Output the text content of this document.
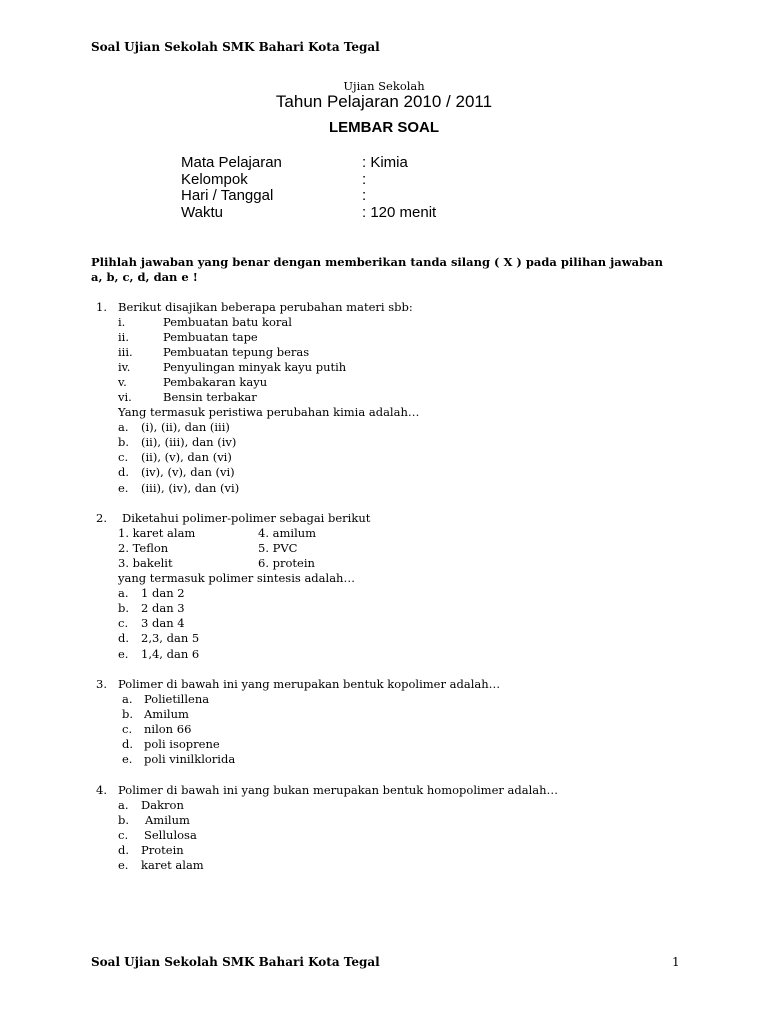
Soal Ujian Sekolah SMK Bahari Kota Tegal
Ujian Sekolah
Tahun Pelajaran 2010 / 2011
LEMBAR SOAL
Mata Pelajaran	: Kimia
Kelompok	:
Hari / Tanggal	:
Waktu	: 120 menit
Plihlah jawaban yang benar dengan memberikan tanda silang ( X ) pada pilihan jawaban
a, b, c, d, dan e !
1. Berikut disajikan beberapa perubahan materi sbb:
i.	Pembuatan batu koral
ii.	Pembuatan tape
iii.	Pembuatan tepung beras
iv.	Penyulingan minyak kayu putih
v.	Pembakaran kayu
vi.	Bensin terbakar
Yang termasuk peristiwa perubahan kimia adalah…
a. (i), (ii), dan (iii)
b. (ii), (iii), dan (iv)
c. (ii), (v), dan (vi)
d. (iv), (v), dan (vi)
e. (iii), (iv), dan (vi)
2. Diketahui polimer-polimer sebagai berikut
1. karet alam	4. amilum
2. Teflon	5. PVC
3. bakelit	6. protein
yang termasuk polimer sintesis adalah…
a. 1 dan 2
b. 2 dan 3
c. 3 dan 4
d. 2,3, dan 5
e. 1,4, dan 6
3. Polimer di bawah ini yang merupakan bentuk kopolimer adalah…
a. Polietillena
b. Amilum
c. nilon 66
d. poli isoprene
e. poli vinilklorida
4. Polimer di bawah ini yang bukan merupakan bentuk homopolimer adalah…
a. Dakron
b. Amilum
c. Sellulosa
d. Protein
e. karet alam
Soal Ujian Sekolah SMK Bahari Kota Tegal	1
